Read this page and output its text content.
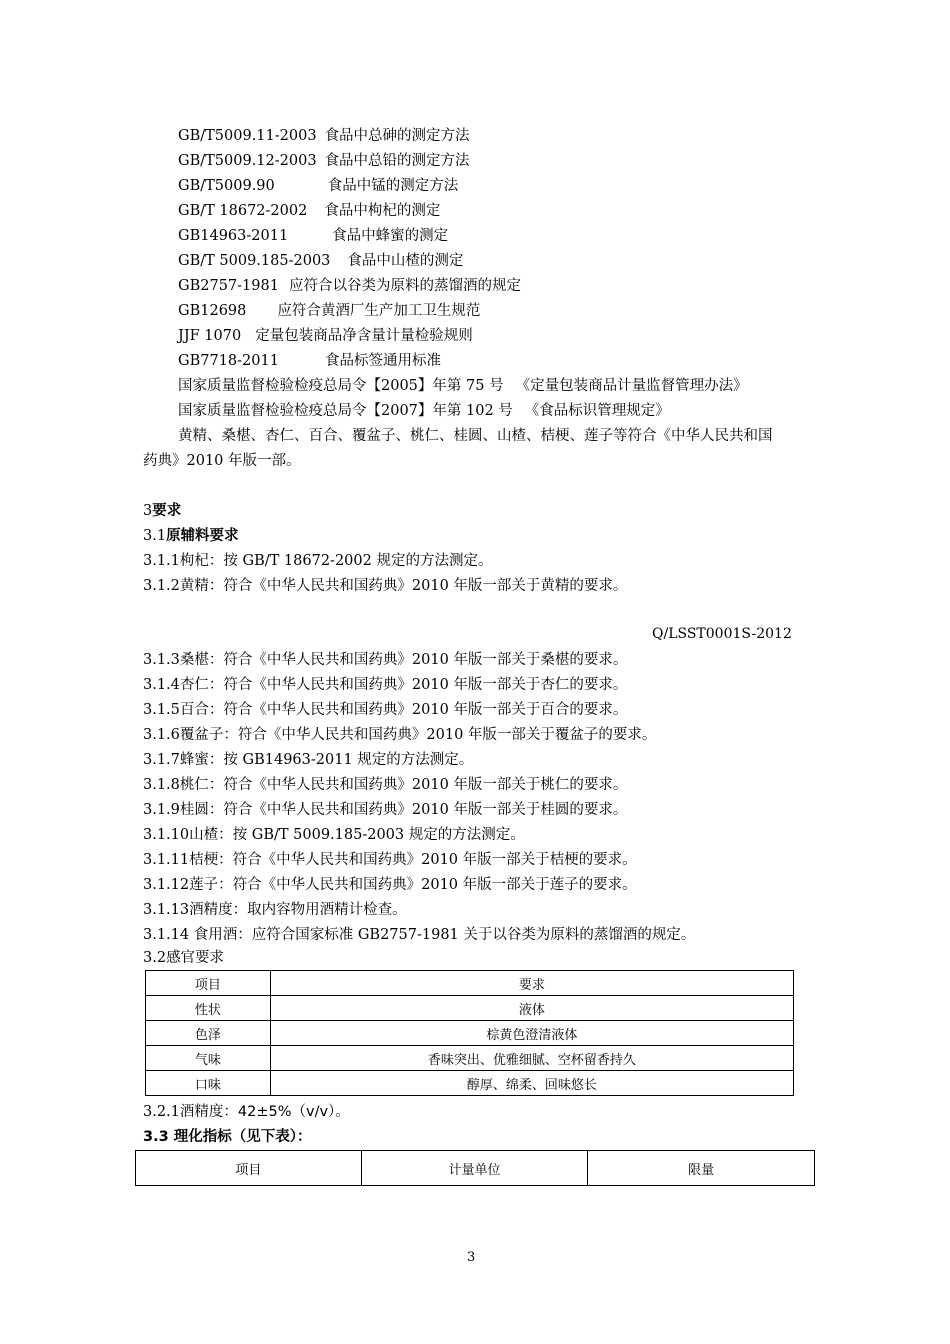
GB/T5009.11-2003 食品中总砷的测定方法
GB/T5009.12-2003 食品中总铅的测定方法
GB/T5009.90	食品中锰的测定方法
GB/T 18672-2002 食品中枸杞的测定
GB14963-2011	食品中蜂蜜的测定
GB/T 5009.185-2003 食品中山楂的测定
GB2757-1981 应符合以谷类为原料的蒸馏酒的规定
GB12698 应符合黄酒厂生产加工卫生规范
JJF 1070 定量包装商品净含量计量检验规则
GB7718-2011	食品标签通用标准
国家质量监督检验检疫总局令【2005】年第 75 号 《定量包装商品计量监督管理办法》
国家质量监督检验检疫总局令【2007】年第 102 号 《食品标识管理规定》
黄精、桑椹、杏仁、百合、覆盆子、桃仁、桂圆、山楂、桔梗、莲子等符合《中华人民共和国
药典》2010 年版一部。
3要求
3.1原辅料要求
3.1.1枸杞：按 GB/T 18672-2002 规定的方法测定。
3.1.2黄精：符合《中华人民共和国药典》2010 年版一部关于黄精的要求。
Q/LSST0001S-2012
3.1.3桑椹：符合《中华人民共和国药典》2010 年版一部关于桑椹的要求。
3.1.4杏仁：符合《中华人民共和国药典》2010 年版一部关于杏仁的要求。
3.1.5百合：符合《中华人民共和国药典》2010 年版一部关于百合的要求。
3.1.6覆盆子：符合《中华人民共和国药典》2010 年版一部关于覆盆子的要求。
3.1.7蜂蜜：按 GB14963-2011 规定的方法测定。
3.1.8桃仁：符合《中华人民共和国药典》2010 年版一部关于桃仁的要求。
3.1.9桂圆：符合《中华人民共和国药典》2010 年版一部关于桂圆的要求。
3.1.10山楂：按 GB/T 5009.185-2003 规定的方法测定。
3.1.11桔梗：符合《中华人民共和国药典》2010 年版一部关于桔梗的要求。
3.1.12莲子：符合《中华人民共和国药典》2010 年版一部关于莲子的要求。
3.1.13酒精度：取内容物用酒精计检查。
3.1.14 食用酒：应符合国家标准 GB2757-1981 关于以谷类为原料的蒸馏酒的规定。
3.2感官要求
项目	要求
性状	液体
色泽	棕黄色澄清液体
气味	香味突出、优雅细腻、空杯留香持久
口味	醇厚、绵柔、回味悠长
3.2.1酒精度：42±5%（v/v）。
3.3 理化指标（见下表）：
项目	计量单位	限量
3
